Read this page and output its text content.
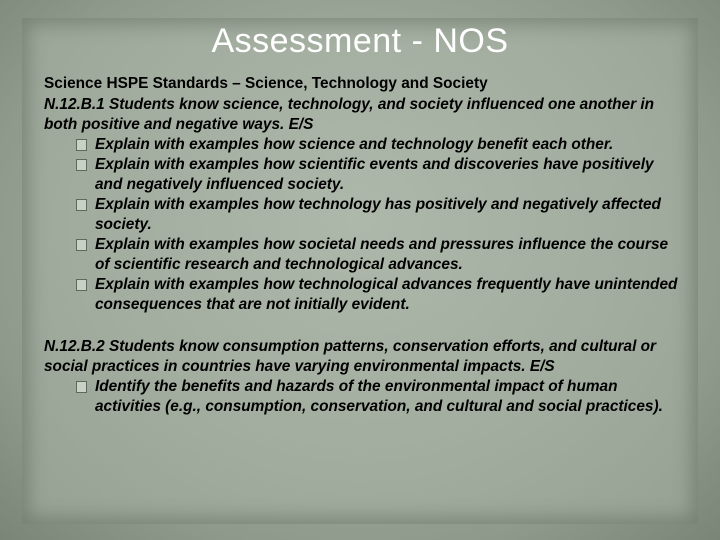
Assessment - NOS
Science HSPE Standards – Science, Technology and Society
N.12.B.1 Students know science, technology, and society influenced one another in both positive and negative ways. E/S
Explain with examples how science and technology benefit each other.
Explain with examples how scientific events and discoveries have positively and negatively influenced society.
Explain with examples how technology has positively and negatively affected society.
Explain with examples how societal needs and pressures influence the course of scientific research and technological advances.
Explain with examples how technological advances frequently have unintended consequences that are not initially evident.
N.12.B.2 Students know consumption patterns, conservation efforts, and cultural or social practices in countries have varying environmental impacts. E/S
Identify the benefits and hazards of the environmental impact of human activities (e.g., consumption, conservation, and cultural and social practices).
